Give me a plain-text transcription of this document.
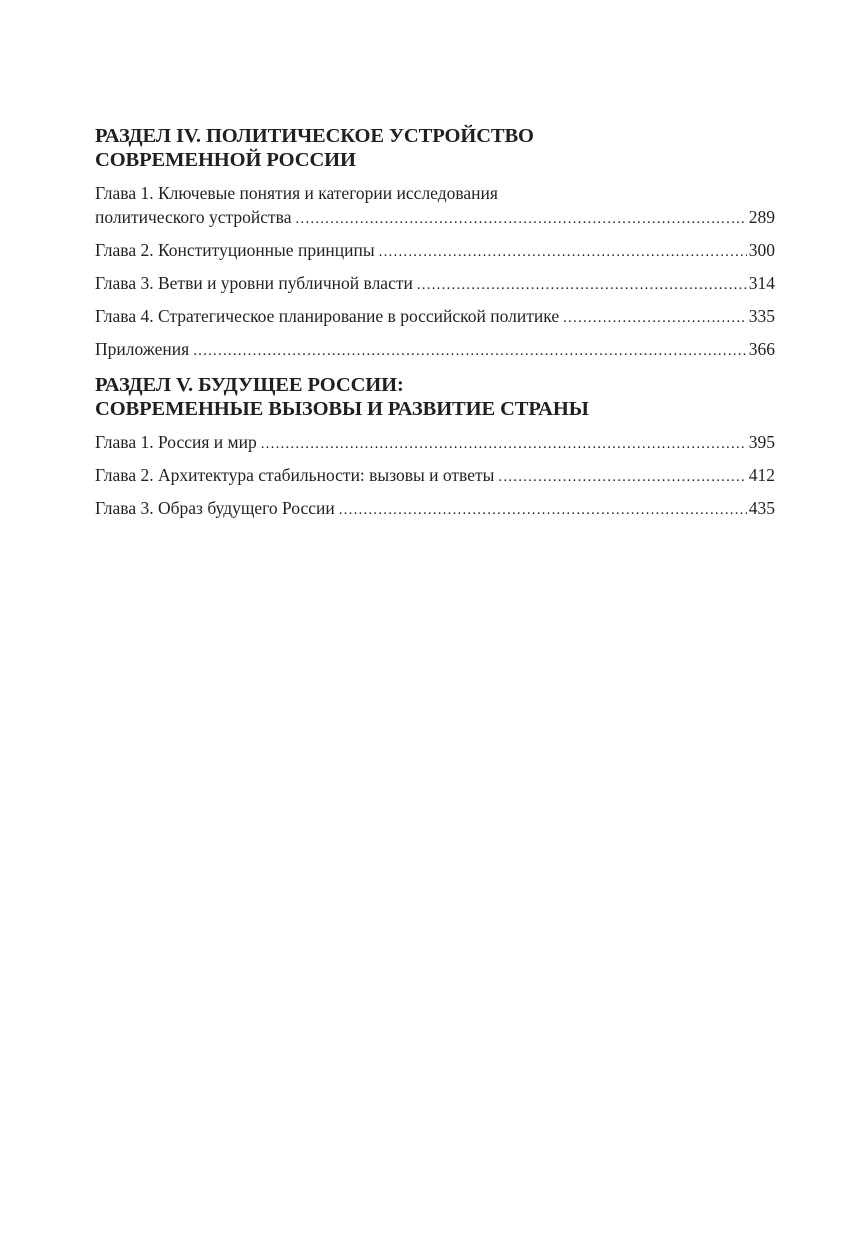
РАЗДЕЛ IV. ПОЛИТИЧЕСКОЕ УСТРОЙСТВО
СОВРЕМЕННОЙ РОССИИ
Глава 1. Ключевые понятия и категории исследования
политического устройства .....	289
Глава 2. Конституционные принципы .....	300
Глава 3. Ветви и уровни публичной власти .....	314
Глава 4. Стратегическое планирование в российской политике .....	335
Приложения .....	366
РАЗДЕЛ V. БУДУЩЕЕ РОССИИ:
СОВРЕМЕННЫЕ ВЫЗОВЫ И РАЗВИТИЕ СТРАНЫ
Глава 1. Россия и мир .....	395
Глава 2. Архитектура стабильности: вызовы и ответы .....	412
Глава 3. Образ будущего России .....	435
